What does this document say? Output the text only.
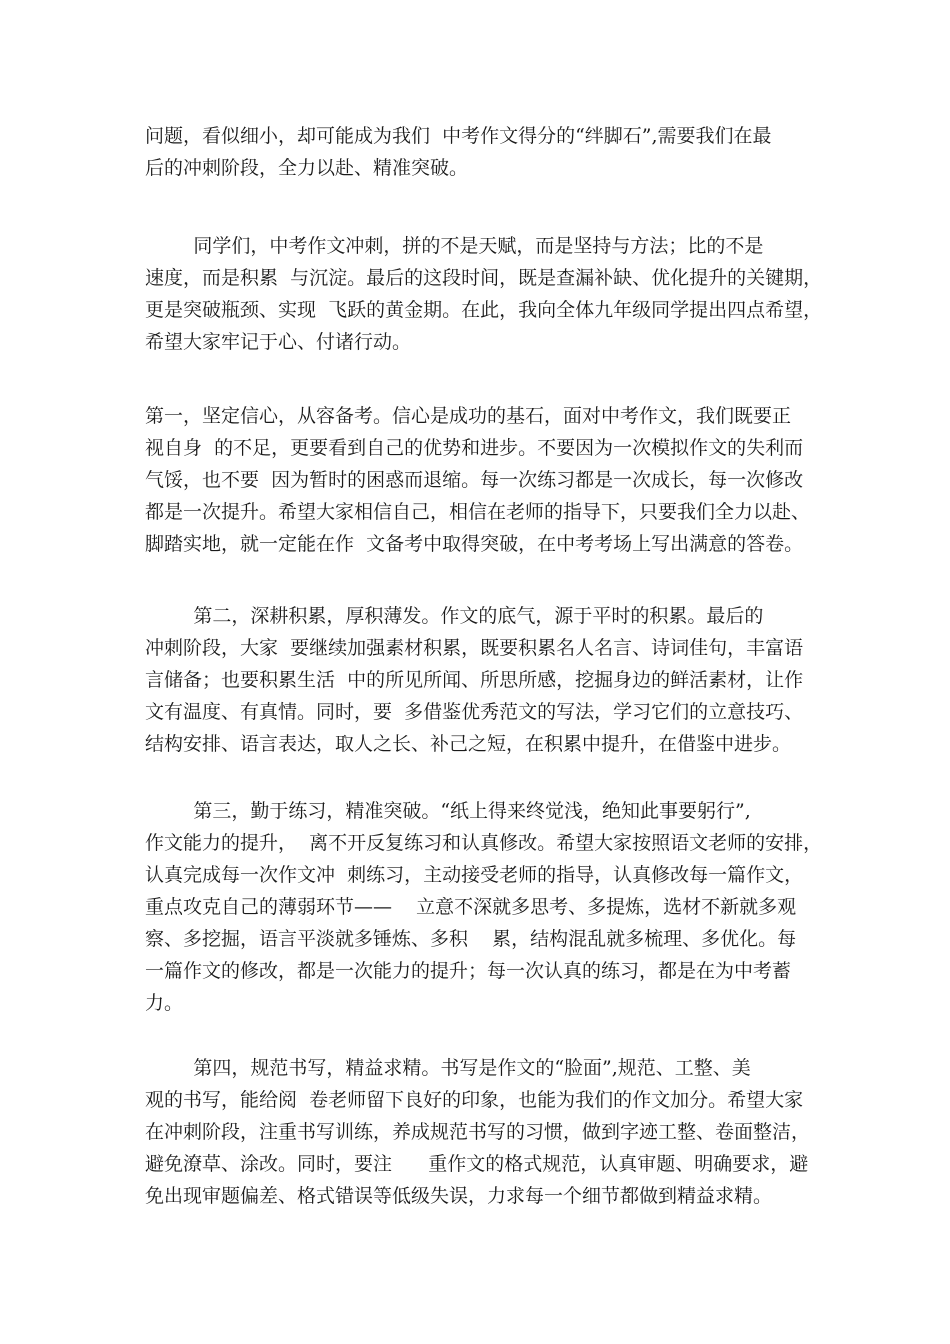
问题，看似细小，却可能成为我们  中考作文得分的“绊脚石”,需要我们在最
后的冲刺阶段，全力以赴、精准突破。
同学们，中考作文冲刺，拼的不是天赋，而是坚持与方法；比的不是
速度，而是积累  与沉淀。最后的这段时间，既是查漏补缺、优化提升的关键期，
更是突破瓶颈、实现  飞跃的黄金期。在此，我向全体九年级同学提出四点希望，
希望大家牢记于心、付诸行动。
第一，坚定信心，从容备考。信心是成功的基石，面对中考作文，我们既要正
视自身  的不足，更要看到自己的优势和进步。不要因为一次模拟作文的失利而
气馁，也不要  因为暂时的困惑而退缩。每一次练习都是一次成长，每一次修改
都是一次提升。希望大家相信自己，相信在老师的指导下，只要我们全力以赴、
脚踏实地，就一定能在作  文备考中取得突破，在中考考场上写出满意的答卷。
第二，深耕积累，厚积薄发。作文的底气，源于平时的积累。最后的
冲刺阶段，大家  要继续加强素材积累，既要积累名人名言、诗词佳句，丰富语
言储备；也要积累生活  中的所见所闻、所思所感，挖掘身边的鲜活素材，让作
文有温度、有真情。同时，要  多借鉴优秀范文的写法，学习它们的立意技巧、
结构安排、语言表达，取人之长、补己之短，在积累中提升，在借鉴中进步。
第三，勤于练习，精准突破。“纸上得来终觉浅，绝知此事要躬行”,
作文能力的提升，  离不开反复练习和认真修改。希望大家按照语文老师的安排，
认真完成每一次作文冲  刺练习，主动接受老师的指导，认真修改每一篇作文，
重点攻克自己的薄弱环节——    立意不深就多思考、多提炼，选材不新就多观
察、多挖掘，语言平淡就多锤炼、多积    累，结构混乱就多梳理、多优化。每
一篇作文的修改，都是一次能力的提升；每一次认真的练习，都是在为中考蓄
力。
第四，规范书写，精益求精。书写是作文的“脸面”,规范、工整、美
观的书写，能给阅  卷老师留下良好的印象，也能为我们的作文加分。希望大家
在冲刺阶段，注重书写训练，养成规范书写的习惯，做到字迹工整、卷面整洁，
避免潦草、涂改。同时，要注      重作文的格式规范，认真审题、明确要求，避
免出现审题偏差、格式错误等低级失误，力求每一个细节都做到精益求精。
